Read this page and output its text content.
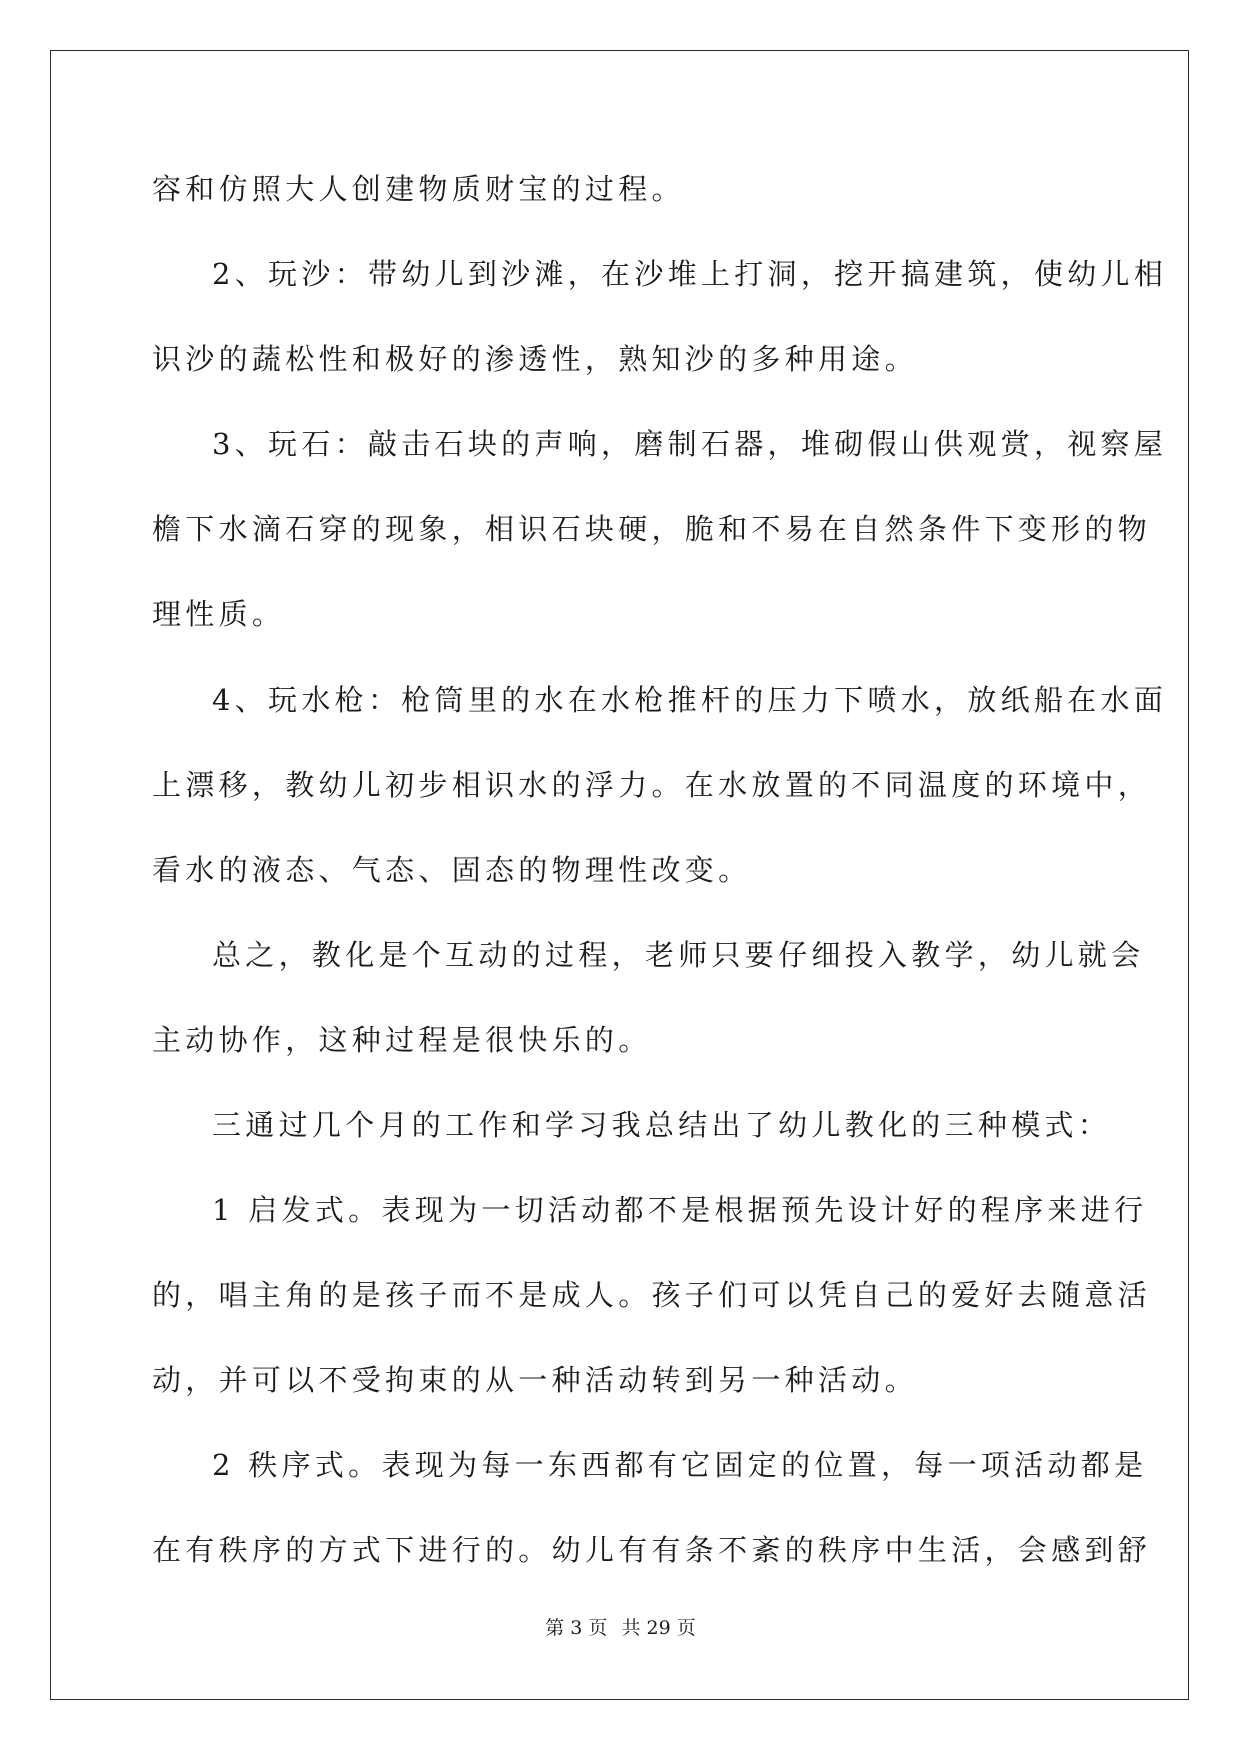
容和仿照大人创建物质财宝的过程。
2、玩沙：带幼儿到沙滩，在沙堆上打洞，挖开搞建筑，使幼儿相
识沙的蔬松性和极好的渗透性，熟知沙的多种用途。
3、玩石：敲击石块的声响，磨制石器，堆砌假山供观赏，视察屋
檐下水滴石穿的现象，相识石块硬，脆和不易在自然条件下变形的物
理性质。
4、玩水枪：枪筒里的水在水枪推杆的压力下喷水，放纸船在水面
上漂移，教幼儿初步相识水的浮力。在水放置的不同温度的环境中，
看水的液态、气态、固态的物理性改变。
总之，教化是个互动的过程，老师只要仔细投入教学，幼儿就会
主动协作，这种过程是很快乐的。
三通过几个月的工作和学习我总结出了幼儿教化的三种模式：
1 启发式。表现为一切活动都不是根据预先设计好的程序来进行
的，唱主角的是孩子而不是成人。孩子们可以凭自己的爱好去随意活
动，并可以不受拘束的从一种活动转到另一种活动。
2 秩序式。表现为每一东西都有它固定的位置，每一项活动都是
在有秩序的方式下进行的。幼儿有有条不紊的秩序中生活，会感到舒
第 3 页 共 29 页
